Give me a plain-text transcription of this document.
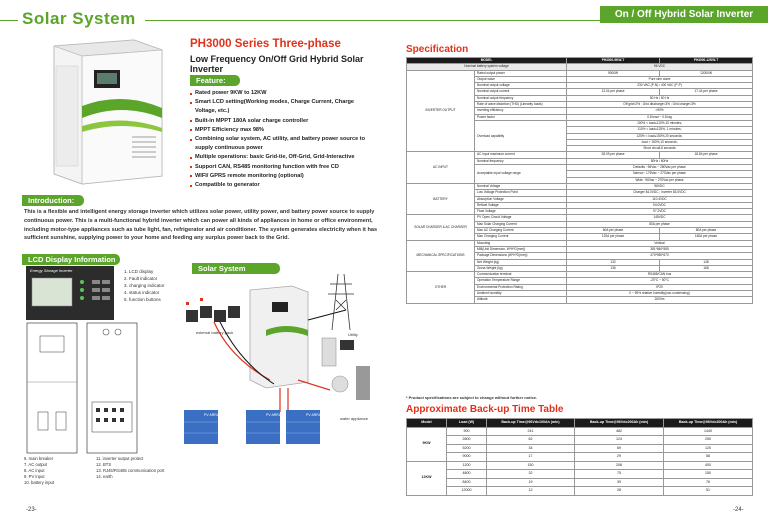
Solar System	On / Off Hybrid Solar Inverter
PH3000 Series Three-phase
Low Frequency On/Off Grid Hybrid Solar Inverter
Feature:
Rated power 9KW to 12KW
Smart LCD setting(Working modes, Charge Current, Charge Voltage, etc.)
Built-in MPPT 180A solar charge controller
MPPT Efficiency max 98%
Combining solar system, AC utility, and battery power source to supply continuous power
Multiple operations: basic Grid-tie, Off-Grid, Grid-Interactive
Support CAN, RS485 monitoring function with free CD
WIFI/ GPRS remote monitoring (optional)
Compatible to generator
Introduction:
This is a flexible and intelligent energy storage inverter which utilizes solar power, utility power, and battery power source to supply continuous power. This is a multi-functional hybrid inverter which can power all kinds of appliances in home or office environment, including motor-type appliances such as tube light, fan, refrigerator and air conditioner. The system generates electricity when it has sufficient sunshine, supplying power to your home and feeding any surplus power back to the Grid.
LCD Display Information
Energy Storage Inverter	1. LCD display
2. Fault indicator
3. charging indicator
4. status indicator
5. function buttons
6. main breaker
7. AC output
8. AC input
9. PV input
10. battery input
11. inverter output protect
12. BTS
13. RJ45/RS485 communication port
14. earth
Solar System Connection
external battery pack	Utility
water appliance
PV ARRAY	PV ARRAY	PV ARRAY
-23-	-24-
Specification
MODEL		PH3000-9KW-T	PH3000-12KW-T
Nominal battery system voltage		96 VDC	
INVERTER OUTPUT	Rated output power	9000W	12000W
	Output wave	Pure sine wave	
	Nominal output voltage	230 VAC (P-N) / 400 VAC (P-P)	
	Nominal output current	13.04 per phase	17.44 per phase
	Nominal output frequency	50 Hz / 60 Hz	
	Rate of wave distortion (THD) (Linearity loads)	Off grid<2% ; Grid discharge<3% ; Grid charge<3%	
	Inverting efficiency	>90%	
	Power factor	0.8 lead ~ 0.8 lag	
	Overload capability	100% < load≤110%,10 minutes;	
		110% < load≤125%, 1 minutes;	
		125% < load≤150%,20 seconds;	
		load > 150%,10 seconds;	
		Short circuit,6 seconds	
AC INPUT	AC input maximum current	28.09 per phase	18.84 per phase
	Nominal frequency	50Hz / 60Hz	
	Acceptable input voltage range	Defaults : 96Vac ~ 280Vac per phase	
		Narrow : 176Vac ~ 270Vac per phase	
		Wide : 96Vac ~ 270Vac per phase	
BATTERY	Nominal Voltage	96VDC	
	Low Voltage Protection Point	Charger 84.0VDC ; Inverter 83.0VDC	
	Absorption Voltage	110.4VDC	
	Refloat Voltage	94.0VDC	
	Float Voltage	97.2VDC	
SOLAR CHARGER & AC CHARGER	PV Open Circuit Voltage	145VDC	
	Max Solar Charging Current	80A per phase	
	Max AC Charging Current	60A per phase	80A per phase
	Max Charging Current	120A per phase	160A per phase
MECHANICAL SPECIFICATIONS	Mounting	Vertical	
	MM(Unit Dimension, W*H*D(mm))	381*840*585	
	Package Dimensions (W*H*D(mm))	470*950*670	
	Net Weight (kg)	132	148
	Gross Weight (kg)	136	168
OTHER	Communication terminal	RS485/CAN bus	
	Operation Temperature Range	-20°C ~ 50°C	
	Environmental Protection Rating	IP20	
	Ambient humidity	0 ~ 95% relative humidity(non-condensing)	
	Altitude	2000m	
* Product specifications are subject to change without further notice.
Approximate Back-up Time Table
Model	Load (W)	Back-up Time@96Vdc100Ah (min)	Back-up Time@96Vdc200Ah (min)	Back-up Time@96Vdc300Ah (min)
9KW	900	241	482	1440
	2800	62	124	250
	5200	34	69	120
	9000	17	29	58
12KW	1200	150	208	400
	4800	32	75	150
	8400	19	39	76
	12000	12	28	51
